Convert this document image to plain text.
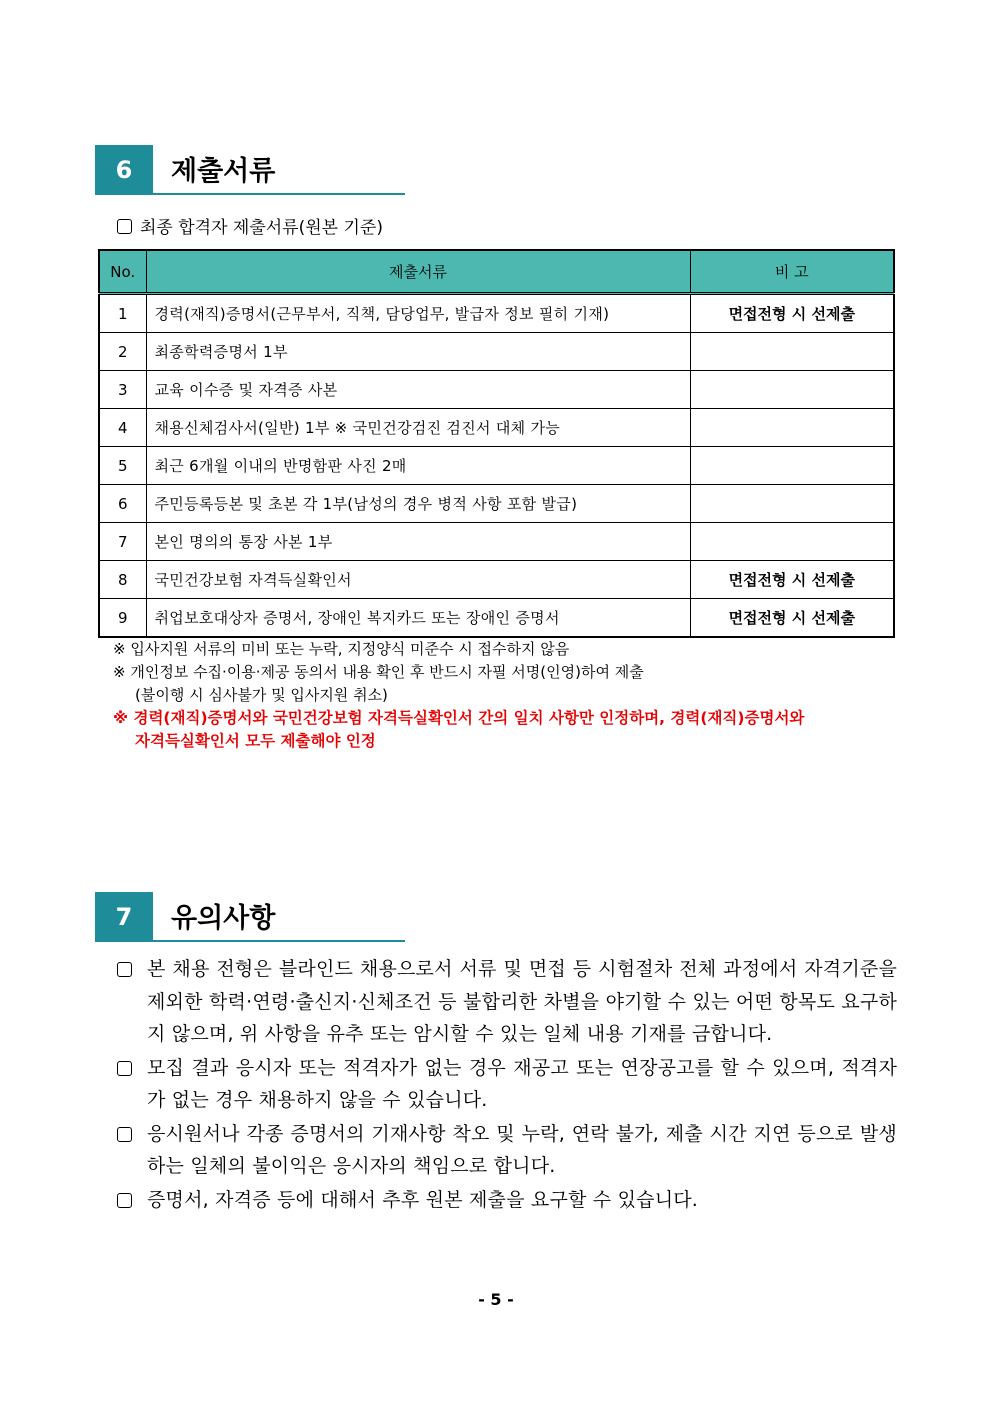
6	제출서류
최종 합격자 제출서류(원본 기준)
No.	제출서류	비 고
1	경력(재직)증명서(근무부서, 직책, 담당업무, 발급자 정보 필히 기재)	면접전형 시 선제출
2	최종학력증명서 1부	
3	교육 이수증 및 자격증 사본	
4	채용신체검사서(일반) 1부 ※ 국민건강검진 검진서 대체 가능	
5	최근 6개월 이내의 반명함판 사진 2매	
6	주민등록등본 및 초본 각 1부(남성의 경우 병적 사항 포함 발급)	
7	본인 명의의 통장 사본 1부	
8	국민건강보험 자격득실확인서	면접전형 시 선제출
9	취업보호대상자 증명서, 장애인 복지카드 또는 장애인 증명서	면접전형 시 선제출
※ 입사지원 서류의 미비 또는 누락, 지정양식 미준수 시 접수하지 않음
※ 개인정보 수집·이용·제공 동의서 내용 확인 후 반드시 자필 서명(인영)하여 제출
(불이행 시 심사불가 및 입사지원 취소)
※ 경력(재직)증명서와 국민건강보험 자격득실확인서 간의 일치 사항만 인정하며, 경력(재직)증명서와
자격득실확인서 모두 제출해야 인정
7	유의사항
본 채용 전형은 블라인드 채용으로서 서류 및 면접 등 시험절차 전체 과정에서 자격기준을 제외한 학력·연령·출신지·신체조건 등 불합리한 차별을 야기할 수 있는 어떤 항목도 요구하지 않으며, 위 사항을 유추 또는 암시할 수 있는 일체 내용 기재를 금합니다.
모집 결과 응시자 또는 적격자가 없는 경우 재공고 또는 연장공고를 할 수 있으며, 적격자가 없는 경우 채용하지 않을 수 있습니다.
응시원서나 각종 증명서의 기재사항 착오 및 누락, 연락 불가, 제출 시간 지연 등으로 발생하는 일체의 불이익은 응시자의 책임으로 합니다.
증명서, 자격증 등에 대해서 추후 원본 제출을 요구할 수 있습니다.
- 5 -
